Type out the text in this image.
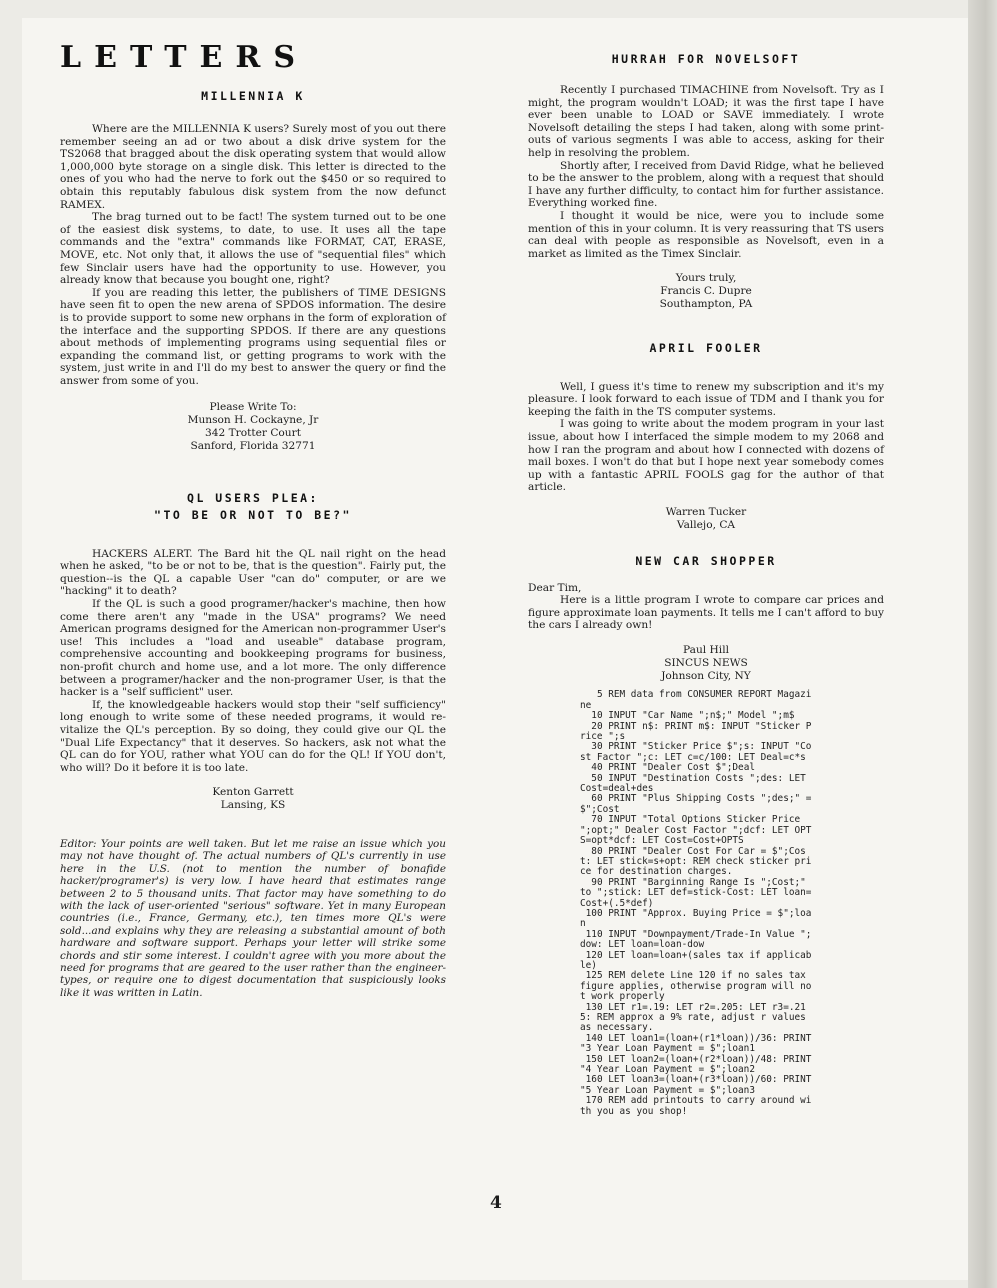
LETTERS
MILLENNIA K

Where are the MILLENNIA K users? Surely most of you out there remember seeing an ad or two about a disk drive system for the TS2068 that bragged about the disk operating system that would allow 1,000,000 byte storage on a single disk. This letter is directed to the ones of you who had the nerve to fork out the $450 or so required to obtain this reputably fabulous disk system from the now defunct RAMEX.

The brag turned out to be fact! The system turned out to be one of the easiest disk systems, to date, to use. It uses all the tape commands and the "extra" commands like FORMAT, CAT, ERASE, MOVE, etc. Not only that, it allows the use of "sequential files" which few Sinclair users have had the opportunity to use. However, you already know that because you bought one, right?

If you are reading this letter, the publishers of TIME DESIGNS have seen fit to open the new arena of SPDOS information. The desire is to provide support to some new orphans in the form of exploration of the interface and the supporting SPDOS. If there are any questions about methods of implementing programs using sequential files or expanding the command list, or getting programs to work with the system, just write in and I'll do my best to answer the query or find the answer from some of you.

Please Write To:
Munson H. Cockayne, Jr
342 Trotter Court
Sanford, Florida 32771
QL USERS PLEA:
"TO BE OR NOT TO BE?"

HACKERS ALERT. The Bard hit the QL nail right on the head when he asked, "to be or not to be, that is the question". Fairly put, the question--is the QL a capable User "can do" computer, or are we "hacking" it to death?

If the QL is such a good programer/hacker's machine, then how come there aren't any "made in the USA" programs? We need American programs designed for the American non-programmer User's use! This includes a "load and useable" database program, comprehensive accounting and bookkeeping programs for business, non-profit church and home use, and a lot more. The only difference between a programer/hacker and the non-programer User, is that the hacker is a "self sufficient" user.

If, the knowledgeable hackers would stop their "self sufficiency" long enough to write some of these needed programs, it would re-vitalize the QL's perception. By so doing, they could give our QL the "Dual Life Expectancy" that it deserves. So hackers, ask not what the QL can do for YOU, rather what YOU can do for the QL! If YOU don't, who will? Do it before it is too late.

Kenton Garrett
Lansing, KS

Editor: Your points are well taken. But let me raise an issue which you may not have thought of. The actual numbers of QL's currently in use here in the U.S. (not to mention the number of bonafide hacker/programer's) is very low. I have heard that estimates range between 2 to 5 thousand units. That factor may have something to do with the lack of user-oriented "serious" software. Yet in many European countries (i.e., France, Germany, etc.), ten times more QL's were sold...and explains why they are releasing a substantial amount of both hardware and software support. Perhaps your letter will strike some chords and stir some interest. I couldn't agree with you more about the need for programs that are geared to the user rather than the engineer-types, or require one to digest documentation that suspiciously looks like it was written in Latin.

HURRAH FOR NOVELSOFT

Recently I purchased TIMACHINE from Novelsoft. Try as I might, the program wouldn't LOAD; it was the first tape I have ever been unable to LOAD or SAVE immediately. I wrote Novelsoft detailing the steps I had taken, along with some print-outs of various segments I was able to access, asking for their help in resolving the problem.

Shortly after, I received from David Ridge, what he believed to be the answer to the problem, along with a request that should I have any further difficulty, to contact him for further assistance. Everything worked fine.

I thought it would be nice, were you to include some mention of this in your column. It is very reassuring that TS users can deal with people as responsible as Novelsoft, even in a market as limited as the Timex Sinclair.

Yours truly,
Francis C. Dupre
Southampton, PA
APRIL FOOLER

Well, I guess it's time to renew my subscription and it's my pleasure. I look forward to each issue of TDM and I thank you for keeping the faith in the TS computer systems.

I was going to write about the modem program in your last issue, about how I interfaced the simple modem to my 2068 and how I ran the program and about how I connected with dozens of mail boxes. I won't do that but I hope next year somebody comes up with a fantastic APRIL FOOLS gag for the author of that article.

Warren Tucker
Vallejo, CA
NEW CAR SHOPPER
Dear Tim,

Here is a little program I wrote to compare car prices and figure approximate loan payments. It tells me I can't afford to buy the cars I already own!

Paul Hill
SINCUS NEWS
Johnson City, NY
5 REM data from CONSUMER REPORT Magazine
10 INPUT "Car Name ";n$;" Model ";m$
20 PRINT n$: PRINT m$: INPUT "Sticker Price ";s
30 PRINT "Sticker Price $";s: INPUT "Cost Factor ";c: LET c=c/100: LET Deal=c*s
40 PRINT "Dealer Cost $";Deal
50 INPUT "Destination Costs ";des: LET Cost=deal+des
60 PRINT "Plus Shipping Costs ";des;" = $";Cost
70 INPUT "Total Options Sticker Price ";opt;" Dealer Cost Factor ";dcf: LET OPTS=opt*dcf: LET Cost=Cost+OPTS
80 PRINT "Dealer Cost For Car = $";Cost: LET stick=s+opt: REM check sticker price for destination charges.
90 PRINT "Barginning Range Is ";Cost;" to ";stick: LET def=stick-Cost: LET loan=Cost+(.5*def)
100 PRINT "Approx. Buying Price = $";loan
110 INPUT "Downpayment/Trade-In Value ";dow: LET loan=loan-dow
120 LET loan=loan+(sales tax if applicable)
125 REM delete Line 120 if no sales tax figure applies, otherwise program will not work properly
130 LET r1=.19: LET r2=.205: LET r3=.215: REM approx a 9% rate, adjust r values as necessary.
140 LET loan1=(loan+(r1*loan))/36: PRINT "3 Year Loan Payment = $";loan1
150 LET loan2=(loan+(r2*loan))/48: PRINT "4 Year Loan Payment = $";loan2
160 LET loan3=(loan+(r3*loan))/60: PRINT "5 Year Loan Payment = $";loan3
170 REM add printouts to carry around with you as you shop!
4
